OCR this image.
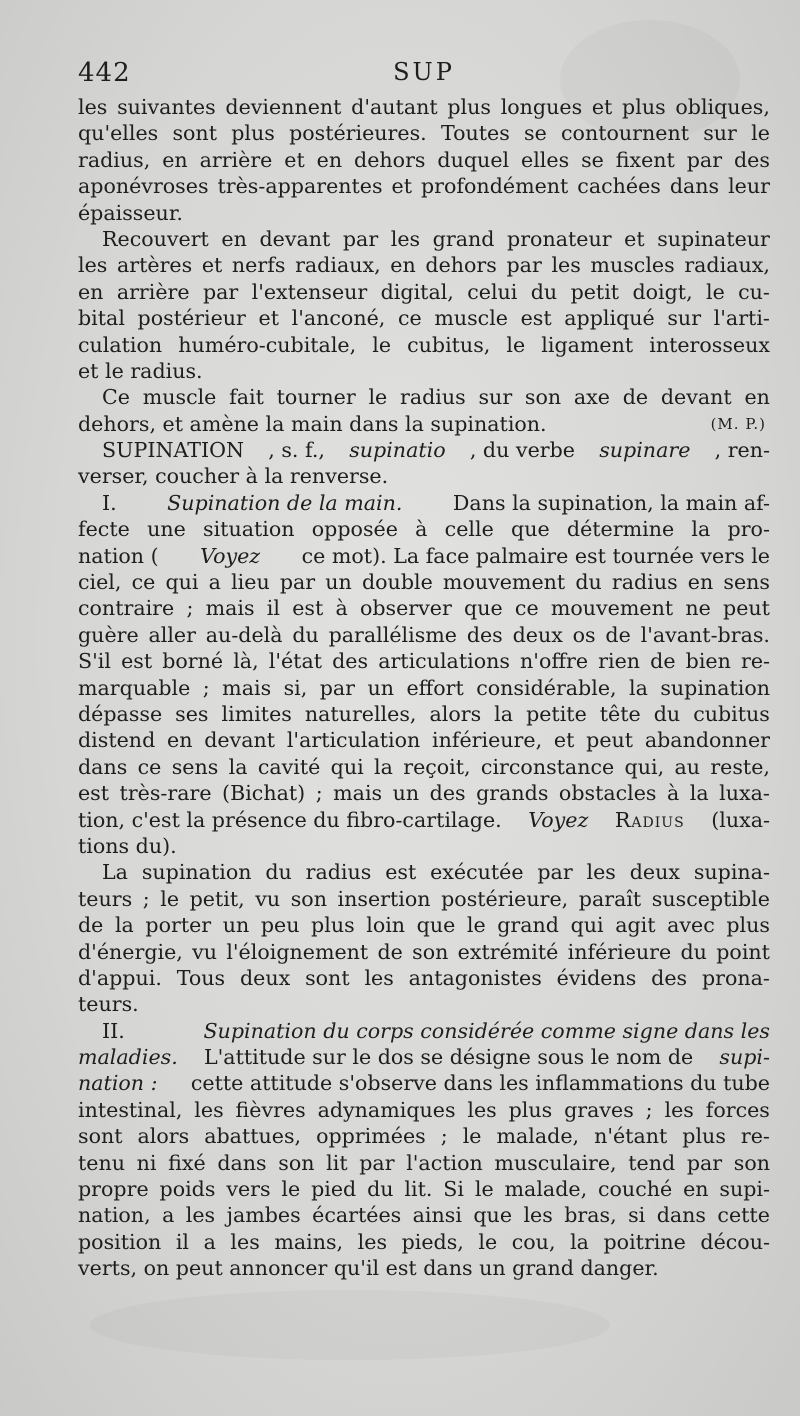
442	SUP
les suivantes deviennent d'autant plus longues et plus obliques,
qu'elles sont plus postérieures. Toutes se contournent sur le
radius, en arrière et en dehors duquel elles se fixent par des
aponévroses très-apparentes et profondément cachées dans leur
épaisseur.
Recouvert en devant par les grand pronateur et supinateur
les artères et nerfs radiaux, en dehors par les muscles radiaux,
en arrière par l'extenseur digital, celui du petit doigt, le cu-
bital postérieur et l'anconé, ce muscle est appliqué sur l'arti-
culation huméro-cubitale, le cubitus, le ligament interosseux
et le radius.
Ce muscle fait tourner le radius sur son axe de devant en
dehors, et amène la main dans la supination.	(M. P.)
SUPINATION , s. f., supinatio , du verbe supinare , ren-
verser, coucher à la renverse.
I. Supination de la main. Dans la supination, la main af-
fecte une situation opposée à celle que détermine la pro-
nation ( Voyez ce mot). La face palmaire est tournée vers le
ciel, ce qui a lieu par un double mouvement du radius en sens
contraire ; mais il est à observer que ce mouvement ne peut
guère aller au-delà du parallélisme des deux os de l'avant-bras.
S'il est borné là, l'état des articulations n'offre rien de bien re-
marquable ; mais si, par un effort considérable, la supination
dépasse ses limites naturelles, alors la petite tête du cubitus
distend en devant l'articulation inférieure, et peut abandonner
dans ce sens la cavité qui la reçoit, circonstance qui, au reste,
est très-rare (Bichat) ; mais un des grands obstacles à la luxa-
tion, c'est la présence du fibro-cartilage. Voyez Radius (luxa-
tions du).
La supination du radius est exécutée par les deux supina-
teurs ; le petit, vu son insertion postérieure, paraît susceptible
de la porter un peu plus loin que le grand qui agit avec plus
d'énergie, vu l'éloignement de son extrémité inférieure du point
d'appui. Tous deux sont les antagonistes évidens des prona-
teurs.
II.	Supination du corps considérée comme signe dans les
maladies. L'attitude sur le dos se désigne sous le nom de supi-
nation : cette attitude s'observe dans les inflammations du tube
intestinal, les fièvres adynamiques les plus graves ; les forces
sont alors abattues, opprimées ; le malade, n'étant plus re-
tenu ni fixé dans son lit par l'action musculaire, tend par son
propre poids vers le pied du lit. Si le malade, couché en supi-
nation, a les jambes écartées ainsi que les bras, si dans cette
position il a les mains, les pieds, le cou, la poitrine décou-
verts, on peut annoncer qu'il est dans un grand danger.
